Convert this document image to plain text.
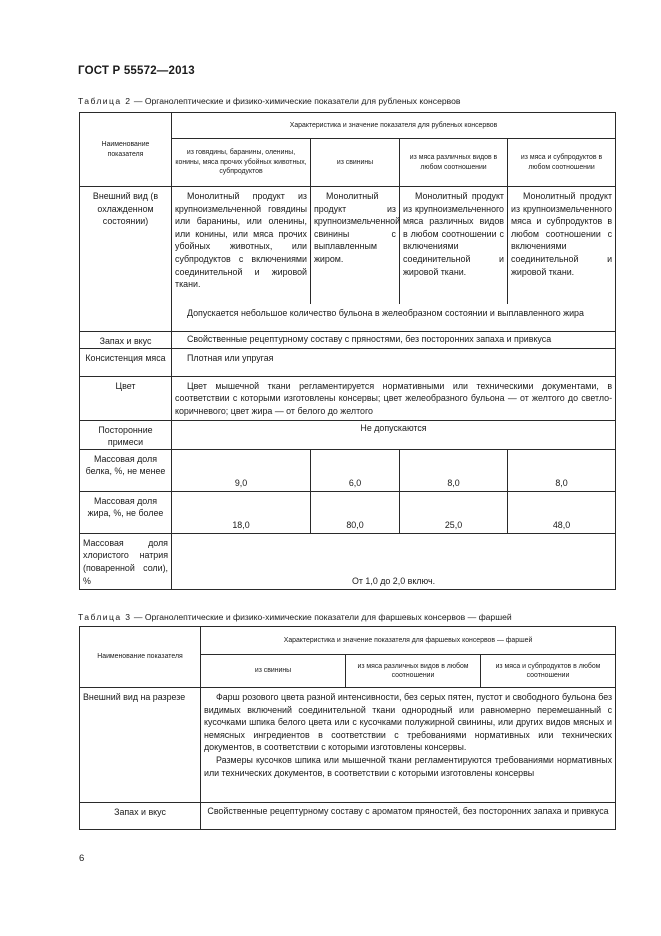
ГОСТ Р 55572—2013
Таблица 2 — Органолептические и физико-химические показатели для рубленых консервов
Наименование показателя	Характеристика и значение показателя для рубленых консервов			
	из говядины, баранины, оленины, конины, мяса прочих убойных животных, субпродуктов	из свинины	из мяса различных видов в любом соотношении	из мяса и субпродуктов в любом соотношении
Внешний вид (в охлажденном состоянии)	Монолитный продукт из крупноизмельченной говядины или баранины, или оленины, или конины, или мяса прочих убойных животных, или субпродуктов с включениями соединительной и жировой ткани.	Монолитный продукт из крупноизмельченной свинины с выплавленным жиром.	Монолитный продукт из крупноизмельченного мяса различных видов в любом соотношении с включениями соединительной и жировой ткани.	Монолитный продукт из крупноизмельченного мяса и субпродуктов в любом соотношении с включениями соединительной и жировой ткани.
	Допускается небольшое количество бульона в желеобразном состоянии и выплавленного жира			
Запах и вкус	Свойственные рецептурному составу с пряностями, без посторонних запаха и привкуса			
Консистенция мяса	Плотная или упругая			
Цвет	Цвет мышечной ткани регламентируется нормативными или техническими документами, в соответствии с которыми изготовлены консервы; цвет желеобразного бульона — от желтого до светло-коричневого; цвет жира — от белого до желтого			
Посторонние примеси	Не допускаются			
Массовая доля белка, %, не менее	9,0	6,0	8,0	8,0
Массовая доля жира, %, не более	18,0	80,0	25,0	48,0
Массовая доля хлористого натрия (поваренной соли), %	От 1,0 до 2,0 включ.			
Таблица 3 — Органолептические и физико-химические показатели для фаршевых консервов — фаршей
Наименование показателя	Характеристика и значение показателя для фаршевых консервов — фаршей		
	из свинины	из мяса различных видов в любом соотношении	из мяса и субпродуктов в любом соотношении
Внешний вид на разрезе	Фарш розового цвета разной интенсивности, без серых пятен, пустот и свободного бульона без видимых включений соединительной ткани однородный или равномерно перемешанный с кусочками шпика белого цвета или с кусочками полужирной свинины, или других видов мясных и немясных ингредиентов в соответствии с требованиями нормативных или технических документов, в соответствии с которыми изготовлены консервы.
Размеры кусочков шпика или мышечной ткани регламентируются требованиями нормативных или технических документов, в соответствии с которыми изготовлены консервы		

Запах и вкус	Свойственные рецептурному составу с ароматом пряностей, без посторонних запаха и привкуса		
6
